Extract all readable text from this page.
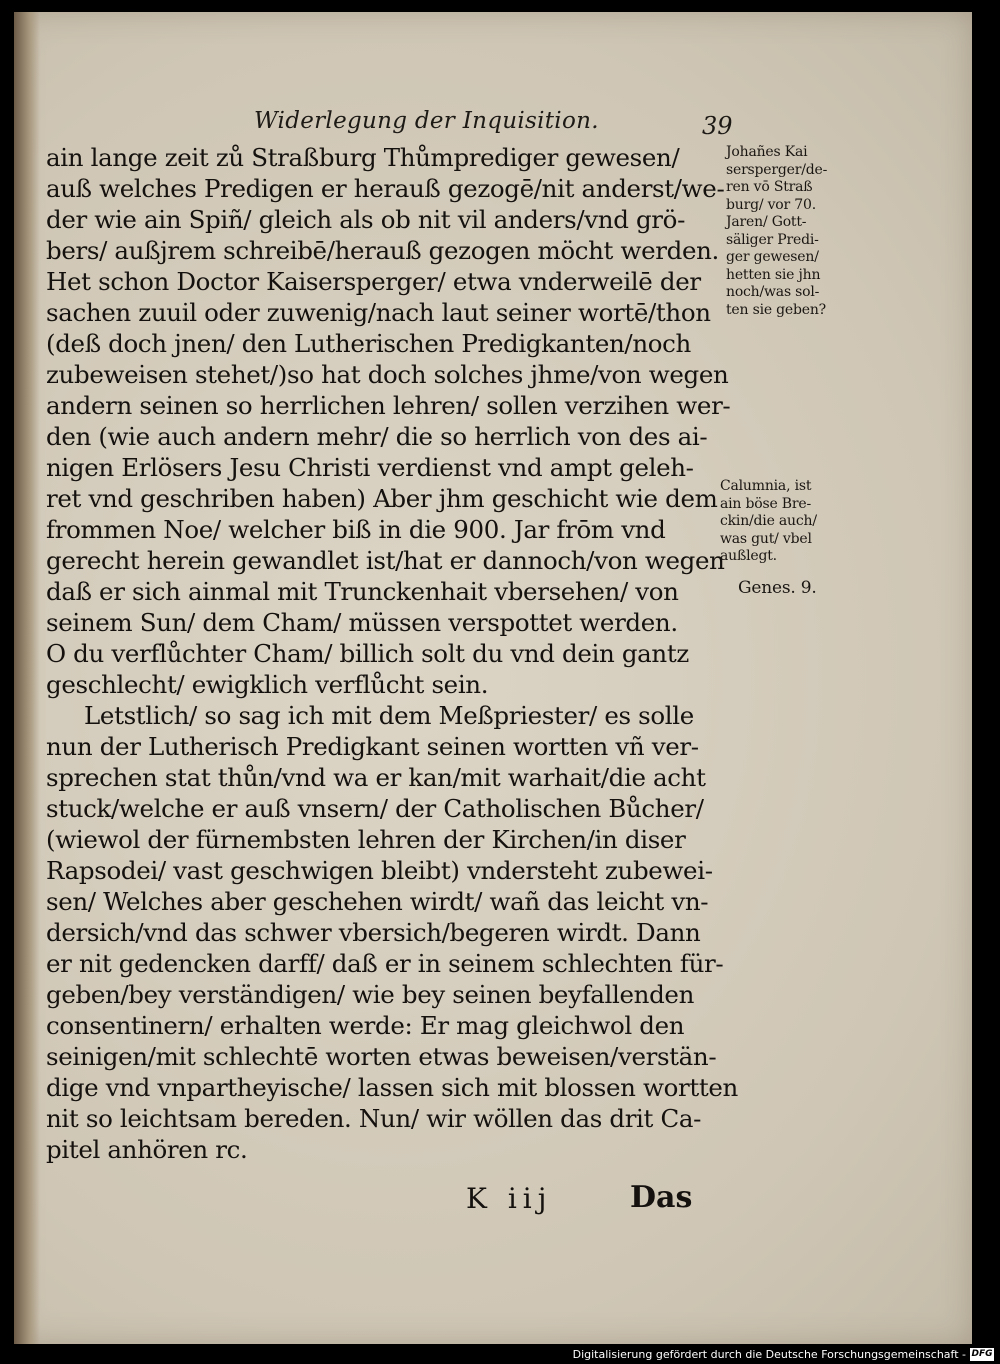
Widerlegung der Inquisition.	39
ain lange zeit zů Straßburg Thůmprediger gewesen/
auß welches Predigen er herauß gezogē/nit anderst/we-
der wie ain Spiñ/ gleich als ob nit vil anders/vnd grö-
bers/ außjrem schreibē/herauß gezogen möcht werden.
Het schon Doctor Kaisersperger/ etwa vnderweilē der
sachen zuuil oder zuwenig/nach laut seiner wortē/thon
(deß doch jnen/ den Lutherischen Predigkanten/noch
zubeweisen stehet/)so hat doch solches jhme/von wegen
andern seinen so herrlichen lehren/ sollen verzihen wer-
den (wie auch andern mehr/ die so herrlich von des ai-
nigen Erlösers Jesu Christi verdienst vnd ampt geleh-
ret vnd geschriben haben) Aber jhm geschicht wie dem
frommen Noe/ welcher biß in die 900. Jar frōm vnd
gerecht herein gewandlet ist/hat er dannoch/von wegen
daß er sich ainmal mit Trunckenhait vbersehen/ von
seinem Sun/ dem Cham/ müssen verspottet werden.
O du verflůchter Cham/ billich solt du vnd dein gantz
geschlecht/ ewigklich verflůcht sein.
Letstlich/ so sag ich mit dem Meßpriester/ es solle
nun der Lutherisch Predigkant seinen wortten vñ ver-
sprechen stat thůn/vnd wa er kan/mit warhait/die acht
stuck/welche er auß vnsern/ der Catholischen Bůcher/
(wiewol der fürnembsten lehren der Kirchen/in diser
Rapsodei/ vast geschwigen bleibt) vndersteht zubewei-
sen/ Welches aber geschehen wirdt/ wañ das leicht vn-
dersich/vnd das schwer vbersich/begeren wirdt. Dann
er nit gedencken darff/ daß er in seinem schlechten für-
geben/bey verständigen/ wie bey seinen beyfallenden
consentinern/ erhalten werde: Er mag gleichwol den
seinigen/mit schlechtē worten etwas beweisen/verstän-
dige vnd vnpartheyische/ lassen sich mit blossen wortten
nit so leichtsam bereden. Nun/ wir wöllen das drit Ca-
pitel anhören rc.
Johañes Kai
sersperger/de-
ren vō Straß
burg/ vor 70.
Jaren/ Gott-
säliger Predi-
ger gewesen/
hetten sie jhn
noch/was sol-
ten sie geben?
Calumnia, ist
ain böse Bre-
ckin/die auch/
was gut/ vbel
außlegt.
Genes. 9.
K iij	Das
Digitalisierung gefördert durch die Deutsche Forschungsgemeinschaft - DFG
